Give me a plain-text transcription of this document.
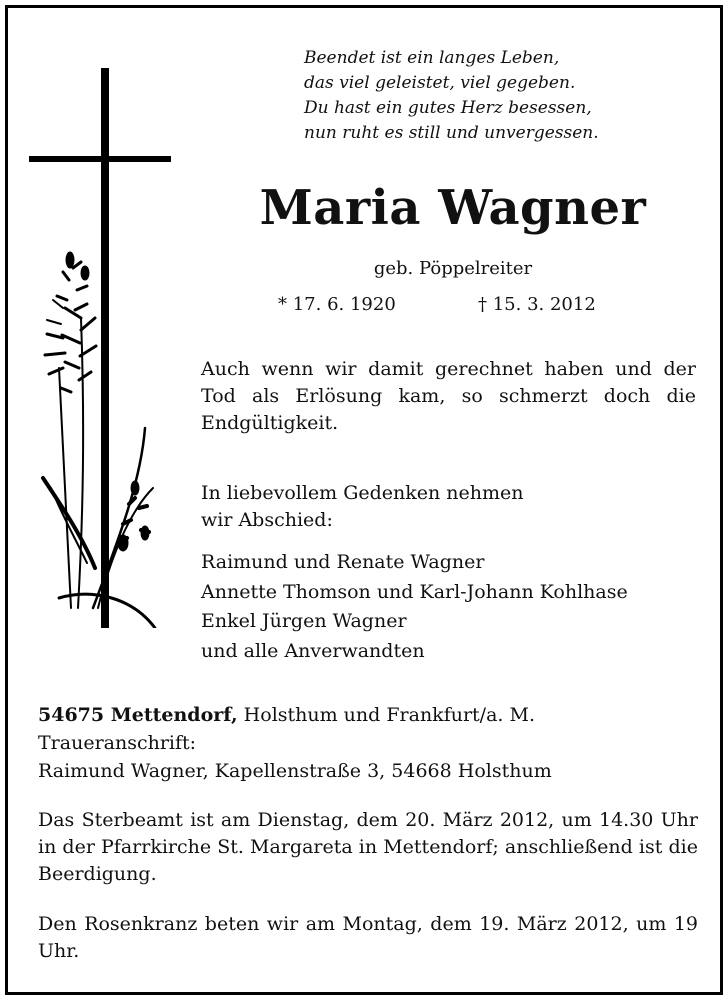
Beendet ist ein langes Leben,
das viel geleistet, viel gegeben.
Du hast ein gutes Herz besessen,
nun ruht es still und unvergessen.
Maria Wagner
geb. Pöppelreiter
* 17. 6. 1920	† 15. 3. 2012
Auch wenn wir damit gerechnet haben und der Tod als Erlösung kam, so schmerzt doch die Endgültigkeit.
In liebevollem Gedenken nehmen
wir Abschied:
Raimund und Renate Wagner
Annette Thomson und Karl-Johann Kohlhase
Enkel Jürgen Wagner
und alle Anverwandten
54675 Mettendorf, Holsthum und Frankfurt/a. M.
Traueranschrift:
Raimund Wagner, Kapellenstraße 3, 54668 Holsthum
Das Sterbeamt ist am Dienstag, dem 20. März 2012, um 14.30 Uhr in der Pfarrkirche St. Margareta in Mettendorf; anschließend ist die Beerdigung.
Den Rosenkranz beten wir am Montag, dem 19. März 2012, um 19 Uhr.
